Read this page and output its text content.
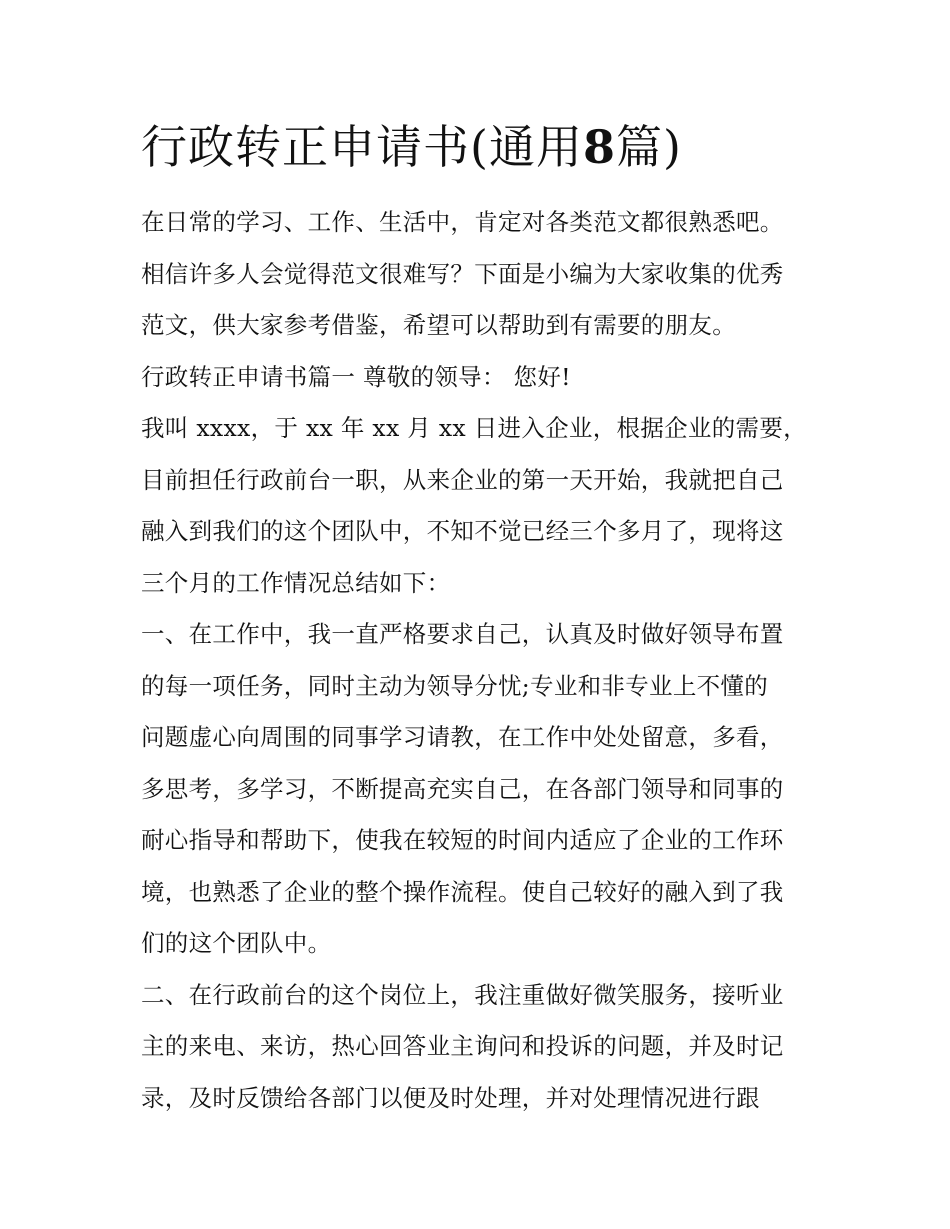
行政转正申请书(通用8篇)
在日常的学习、工作、生活中，肯定对各类范文都很熟悉吧。
相信许多人会觉得范文很难写？下面是小编为大家收集的优秀
范文，供大家参考借鉴，希望可以帮助到有需要的朋友。
行政转正申请书篇一 尊敬的领导： 您好!
我叫 xxxx，于 xx 年 xx 月 xx 日进入企业，根据企业的需要，
目前担任行政前台一职，从来企业的第一天开始，我就把自己
融入到我们的这个团队中，不知不觉已经三个多月了，现将这
三个月的工作情况总结如下：
一、在工作中，我一直严格要求自己，认真及时做好领导布置
的每一项任务，同时主动为领导分忧;专业和非专业上不懂的
问题虚心向周围的同事学习请教，在工作中处处留意，多看，
多思考，多学习，不断提高充实自己，在各部门领导和同事的
耐心指导和帮助下，使我在较短的时间内适应了企业的工作环
境，也熟悉了企业的整个操作流程。使自己较好的融入到了我
们的这个团队中。
二、在行政前台的这个岗位上，我注重做好微笑服务，接听业
主的来电、来访，热心回答业主询问和投诉的问题，并及时记
录，及时反馈给各部门以便及时处理，并对处理情况进行跟
